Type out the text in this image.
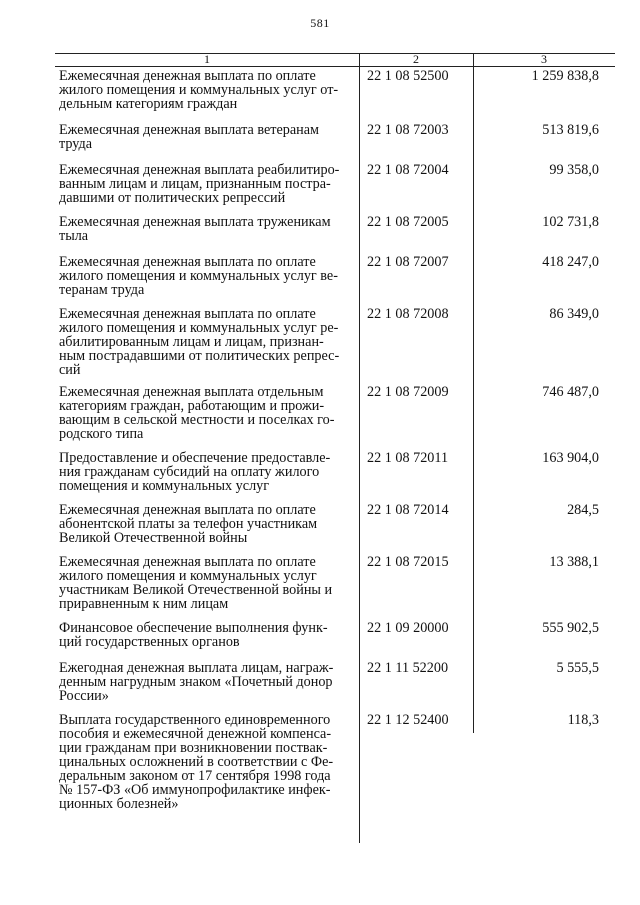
581
1	2	3
Ежемесячная денежная выплата по оплате
жилого помещения и коммунальных услуг от-
дельным категориям граждан
22 1 08 52500	1 259 838,8
Ежемесячная денежная выплата ветеранам
труда
22 1 08 72003	513 819,6
Ежемесячная денежная выплата реабилитиро-
ванным лицам и лицам, признанным постра-
давшими от политических репрессий
22 1 08 72004	99 358,0
Ежемесячная денежная выплата труженикам
тыла
22 1 08 72005	102 731,8
Ежемесячная денежная выплата по оплате
жилого помещения и коммунальных услуг ве-
теранам труда
22 1 08 72007	418 247,0
Ежемесячная денежная выплата по оплате
жилого помещения и коммунальных услуг ре-
абилитированным лицам и лицам, признан-
ным пострадавшими от политических репрес-
сий
22 1 08 72008	86 349,0
Ежемесячная денежная выплата отдельным
категориям граждан, работающим и прожи-
вающим в сельской местности и поселках го-
родского типа
22 1 08 72009	746 487,0
Предоставление и обеспечение предоставле-
ния гражданам субсидий на оплату жилого
помещения и коммунальных услуг
22 1 08 72011	163 904,0
Ежемесячная денежная выплата по оплате
абонентской платы за телефон участникам
Великой Отечественной войны
22 1 08 72014	284,5
Ежемесячная денежная выплата по оплате
жилого помещения и коммунальных услуг
участникам Великой Отечественной войны и
приравненным к ним лицам
22 1 08 72015	13 388,1
Финансовое обеспечение выполнения функ-
ций государственных органов
22 1 09 20000	555 902,5
Ежегодная денежная выплата лицам, награж-
денным нагрудным знаком «Почетный донор
России»
22 1 11 52200	5 555,5
Выплата государственного единовременного
пособия и ежемесячной денежной компенса-
ции гражданам при возникновении поствак-
цинальных осложнений в соответствии с Фе-
деральным законом от 17 сентября 1998 года
№ 157-ФЗ «Об иммунопрофилактике инфек-
ционных болезней»
22 1 12 52400	118,3
